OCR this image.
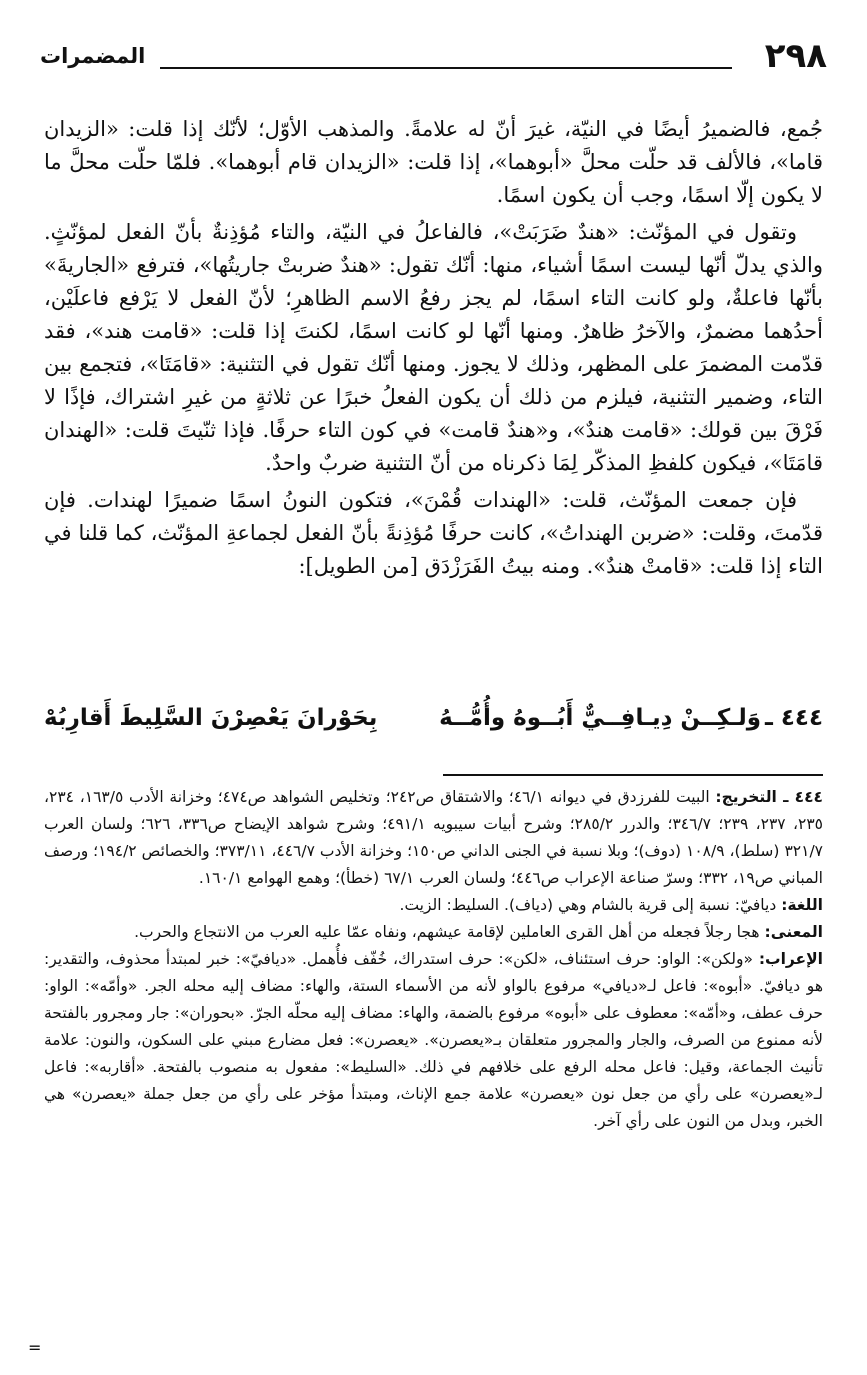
٢٩٨
المضمرات

جُمع، فالضميرُ أيضًا في النيّة، غيرَ أنّ له علامةً. والمذهب الأوّل؛ لأنّك إذا قلت: «الزيدان قاما»، فالألف قد حلّت محلَّ «أبوهما»، إذا قلت: «الزيدان قام أبوهما». فلمّا حلّت محلَّ ما لا يكون إلّا اسمًا، وجب أن يكون اسمًا.

وتقول في المؤنّث: «هندٌ ضَرَبَتْ»، فالفاعلُ في النيّة، والتاء مُؤذِنةٌ بأنّ الفعل لمؤنّثٍ. والذي يدلّ أنّها ليست اسمًا أشياء، منها: أنّك تقول: «هندٌ ضربتْ جاريتُها»، فترفع «الجاريةَ» بأنّها فاعلةٌ، ولو كانت التاء اسمًا، لم يجز رفعُ الاسم الظاهرِ؛ لأنّ الفعل لا يَرْفع فاعلَيْن، أحدُهما مضمرٌ، والآخرُ ظاهرٌ. ومنها أنّها لو كانت اسمًا، لكنتَ إذا قلت: «قامت هند»، فقد قدّمت المضمرَ على المظهر، وذلك لا يجوز. ومنها أنّك تقول في التثنية: «قامَتَا»، فتجمع بين التاء، وضمير التثنية، فيلزم من ذلك أن يكون الفعلُ خبرًا عن ثلاثةٍ من غيرِ اشتراك، فإذًا لا فَرْقَ بين قولك: «قامت هندٌ»، و«هندٌ قامت» في كون التاء حرفًا. فإذا ثنّيتَ قلت: «الهندان قامَتَا»، فيكون كلفظِ المذكّر لِمَا ذكرناه من أنّ التثنية ضربٌ واحدٌ.

فإن جمعت المؤنّث، قلت: «الهندات قُمْنَ»، فتكون النونُ اسمًا ضميرًا لهندات. فإن قدّمتَ، وقلت: «ضربن الهنداتُ»، كانت حرفًا مُؤذِنةً بأنّ الفعل لجماعةِ المؤنّث، كما قلنا في التاء إذا قلت: «قامتْ هندٌ». ومنه بيتُ الفَرَزْدَق [من الطويل]:

٤٤٤ ـ
وَلـكِــنْ دِيـافِــيٌّ أَبُــوهُ وأُمُّــهُ
بِحَوْرانَ يَعْصِرْنَ السَّلِيطَ أَقارِبُهْ

٤٤٤ ـ التخريج: البيت للفرزدق في ديوانه ٤٦/١؛ والاشتقاق ص٢٤٢؛ وتخليص الشواهد ص٤٧٤؛ وخزانة الأدب ١٦٣/٥، ٢٣٤، ٢٣٥، ٢٣٧، ٢٣٩؛ ٣٤٦/٧؛ والدرر ٢٨٥/٢؛ وشرح أبيات سيبويه ٤٩١/١؛ وشرح شواهد الإيضاح ص٣٣٦، ٦٢٦؛ ولسان العرب ٣٢١/٧ (سلط)، ١٠٨/٩ (دوف)؛ وبلا نسبة في الجنى الداني ص١٥٠؛ وخزانة الأدب ٤٤٦/٧، ٣٧٣/١١؛ والخصائص ١٩٤/٢؛ ورصف المباني ص١٩، ٣٣٢؛ وسرّ صناعة الإعراب ص٤٤٦؛ ولسان العرب ٦٧/١ (خطأ)؛ وهمع الهوامع ١٦٠/١.

اللغة: ديافيّ: نسبة إلى قرية بالشام وهي (دياف). السليط: الزيت.

المعنى: هجا رجلاً فجعله من أهل القرى العاملين لإقامة عيشهم، ونفاه عمّا عليه العرب من الانتجاع والحرب.

الإعراب: «ولكن»: الواو: حرف استئناف، «لكن»: حرف استدراك، خُفّف فأُهمل. «ديافيّ»: خبر لمبتدأ محذوف، والتقدير: هو ديافيّ. «أبوه»: فاعل لـ«ديافي» مرفوع بالواو لأنه من الأسماء الستة، والهاء: مضاف إليه محله الجر. «وأمّه»: الواو: حرف عطف، و«أمّه»: معطوف على «أبوه» مرفوع بالضمة، والهاء: مضاف إليه محلّه الجرّ. «بحوران»: جار ومجرور بالفتحة لأنه ممنوع من الصرف، والجار والمجرور متعلقان بـ«يعصرن». «يعصرن»: فعل مضارع مبني على السكون، والنون: علامة تأنيث الجماعة، وقيل: فاعل محله الرفع على خلافهم في ذلك. «السليط»: مفعول به منصوب بالفتحة. «أقاربه»: فاعل لـ«يعصرن» على رأي من جعل نون «يعصرن» علامة جمع الإناث، ومبتدأ مؤخر على رأي من جعل جملة «يعصرن» هي الخبر، وبدل من النون على رأي آخر.

=
